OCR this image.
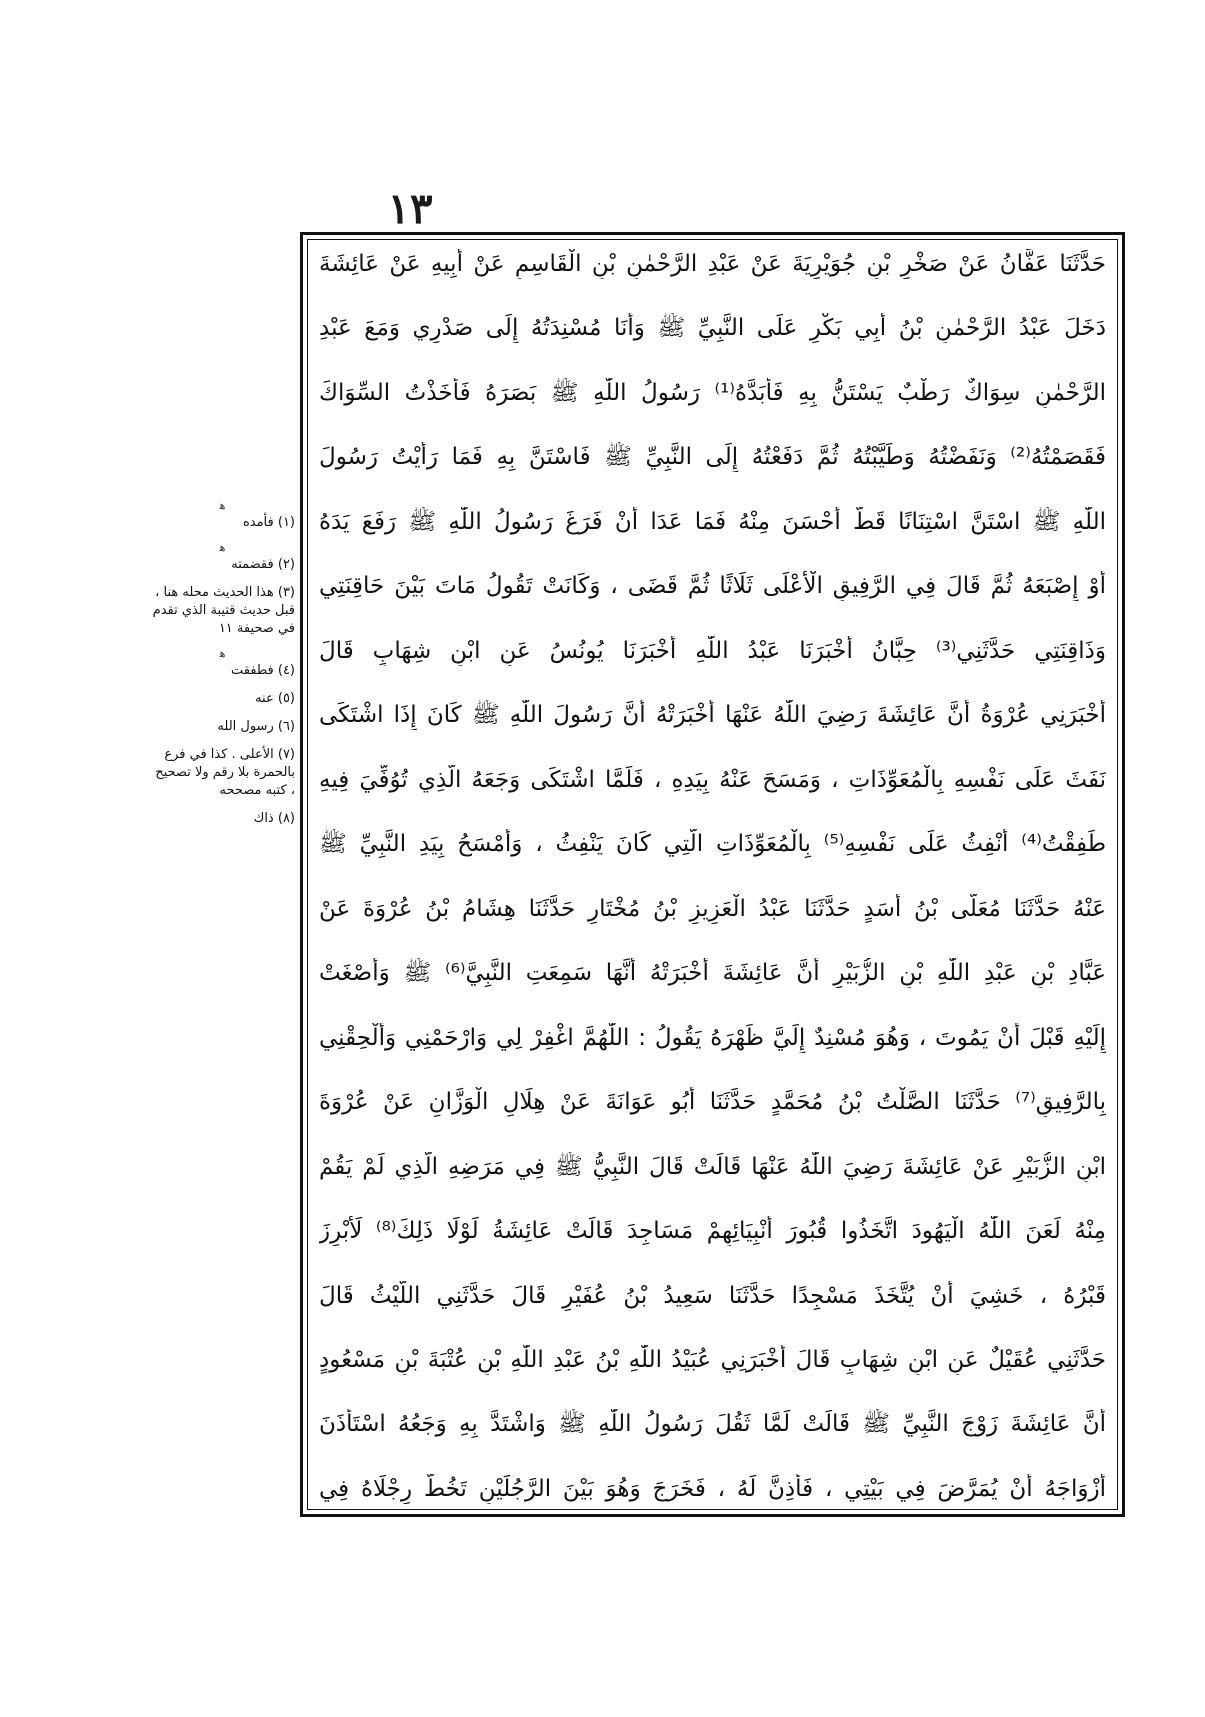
١٣
ﻫ
(١) فأمده
ﻫ
(٢) فقضمته
(٣) هذا الحديث محله هنا ، قبل حديث قتيبة الذي تقدم في صحيفة ١١
ﻫ
(٤) فطفقت
(٥) عنه
(٦) رسول الله
(٧) الأعلى . كذا في فرع بالحمرة بلا رقم ولا تصحيح ، كتبه مصححه
(٨) ذاك
حَدَّثَنَا عَفَّانُ عَنْ صَخْرِ بْنِ جُوَيْرِيَةَ عَنْ عَبْدِ الرَّحْمٰنِ بْنِ الْقَاسِمِ عَنْ أَبِيهِ عَنْ عَائِشَةَ
دَخَلَ عَبْدُ الرَّحْمٰنِ بْنُ أَبِي بَكْرٍ عَلَى النَّبِيِّ ﷺ وَأَنَا مُسْنِدَتُهُ إِلَى صَدْرِي وَمَعَ عَبْدِ
الرَّحْمٰنِ سِوَاكٌ رَطْبٌ يَسْتَنُّ بِهِ فَأَبَدَّهُ⁽¹⁾ رَسُولُ اللّٰهِ ﷺ بَصَرَهُ فَأَخَذْتُ السِّوَاكَ
فَقَصَمْتُهُ⁽²⁾ وَنَفَضْتُهُ وَطَيَّبْتُهُ ثُمَّ دَفَعْتُهُ إِلَى النَّبِيِّ ﷺ فَاسْتَنَّ بِهِ فَمَا رَأَيْتُ رَسُولَ
اللّٰهِ ﷺ اسْتَنَّ اسْتِنَانًا قَطُّ أَحْسَنَ مِنْهُ فَمَا عَدَا أَنْ فَرَغَ رَسُولُ اللّٰهِ ﷺ رَفَعَ يَدَهُ
أَوْ إِصْبَعَهُ ثُمَّ قَالَ فِي الرَّفِيقِ الْأَعْلَى ثَلَاثًا ثُمَّ قَضَى ، وَكَانَتْ تَقُولُ مَاتَ بَيْنَ حَاقِنَتِي
وَذَاقِنَتِي حَدَّثَنِي⁽³⁾ حِبَّانُ أَخْبَرَنَا عَبْدُ اللّٰهِ أَخْبَرَنَا يُونُسُ عَنِ ابْنِ شِهَابٍ قَالَ
أَخْبَرَنِي عُرْوَةُ أَنَّ عَائِشَةَ رَضِيَ اللّٰهُ عَنْهَا أَخْبَرَتْهُ أَنَّ رَسُولَ اللّٰهِ ﷺ كَانَ إِذَا اشْتَكَى
نَفَثَ عَلَى نَفْسِهِ بِالْمُعَوِّذَاتِ ، وَمَسَحَ عَنْهُ بِيَدِهِ ، فَلَمَّا اشْتَكَى وَجَعَهُ الَّذِي تُوُفِّيَ فِيهِ
طَفِقْتُ⁽⁴⁾ أَنْفِثُ عَلَى نَفْسِهِ⁽⁵⁾ بِالْمُعَوِّذَاتِ الَّتِي كَانَ يَنْفِثُ ، وَأَمْسَحُ بِيَدِ النَّبِيِّ ﷺ
عَنْهُ حَدَّثَنَا مُعَلَّى بْنُ أَسَدٍ حَدَّثَنَا عَبْدُ الْعَزِيزِ بْنُ مُخْتَارٍ حَدَّثَنَا هِشَامُ بْنُ عُرْوَةَ عَنْ
عَبَّادِ بْنِ عَبْدِ اللّٰهِ بْنِ الزُّبَيْرِ أَنَّ عَائِشَةَ أَخْبَرَتْهُ أَنَّهَا سَمِعَتِ النَّبِيَّ⁽⁶⁾ ﷺ وَأَصْغَتْ
إِلَيْهِ قَبْلَ أَنْ يَمُوتَ ، وَهُوَ مُسْنِدٌ إِلَيَّ ظَهْرَهُ يَقُولُ : اللّٰهُمَّ اغْفِرْ لِي وَارْحَمْنِي وَأَلْحِقْنِي
بِالرَّفِيقِ⁽⁷⁾ حَدَّثَنَا الصَّلْتُ بْنُ مُحَمَّدٍ حَدَّثَنَا أَبُو عَوَانَةَ عَنْ هِلَالٍ الْوَزَّانِ عَنْ عُرْوَةَ
ابْنِ الزُّبَيْرِ عَنْ عَائِشَةَ رَضِيَ اللّٰهُ عَنْهَا قَالَتْ قَالَ النَّبِيُّ ﷺ فِي مَرَضِهِ الَّذِي لَمْ يَقُمْ
مِنْهُ لَعَنَ اللّٰهُ الْيَهُودَ اتَّخَذُوا قُبُورَ أَنْبِيَائِهِمْ مَسَاجِدَ قَالَتْ عَائِشَةُ لَوْلَا ذَلِكَ⁽⁸⁾ لَأُبْرِزَ
قَبْرُهُ ، خَشِيَ أَنْ يُتَّخَذَ مَسْجِدًا حَدَّثَنَا سَعِيدُ بْنُ عُفَيْرٍ قَالَ حَدَّثَنِي اللَّيْثُ قَالَ
حَدَّثَنِي عُقَيْلٌ عَنِ ابْنِ شِهَابٍ قَالَ أَخْبَرَنِي عُبَيْدُ اللّٰهِ بْنُ عَبْدِ اللّٰهِ بْنِ عُتْبَةَ بْنِ مَسْعُودٍ
أَنَّ عَائِشَةَ زَوْجَ النَّبِيِّ ﷺ قَالَتْ لَمَّا ثَقُلَ رَسُولُ اللّٰهِ ﷺ وَاشْتَدَّ بِهِ وَجَعُهُ اسْتَأْذَنَ
أَزْوَاجَهُ أَنْ يُمَرَّضَ فِي بَيْتِي ، فَأَذِنَّ لَهُ ، فَخَرَجَ وَهُوَ بَيْنَ الرَّجُلَيْنِ تَخُطُّ رِجْلَاهُ فِي
